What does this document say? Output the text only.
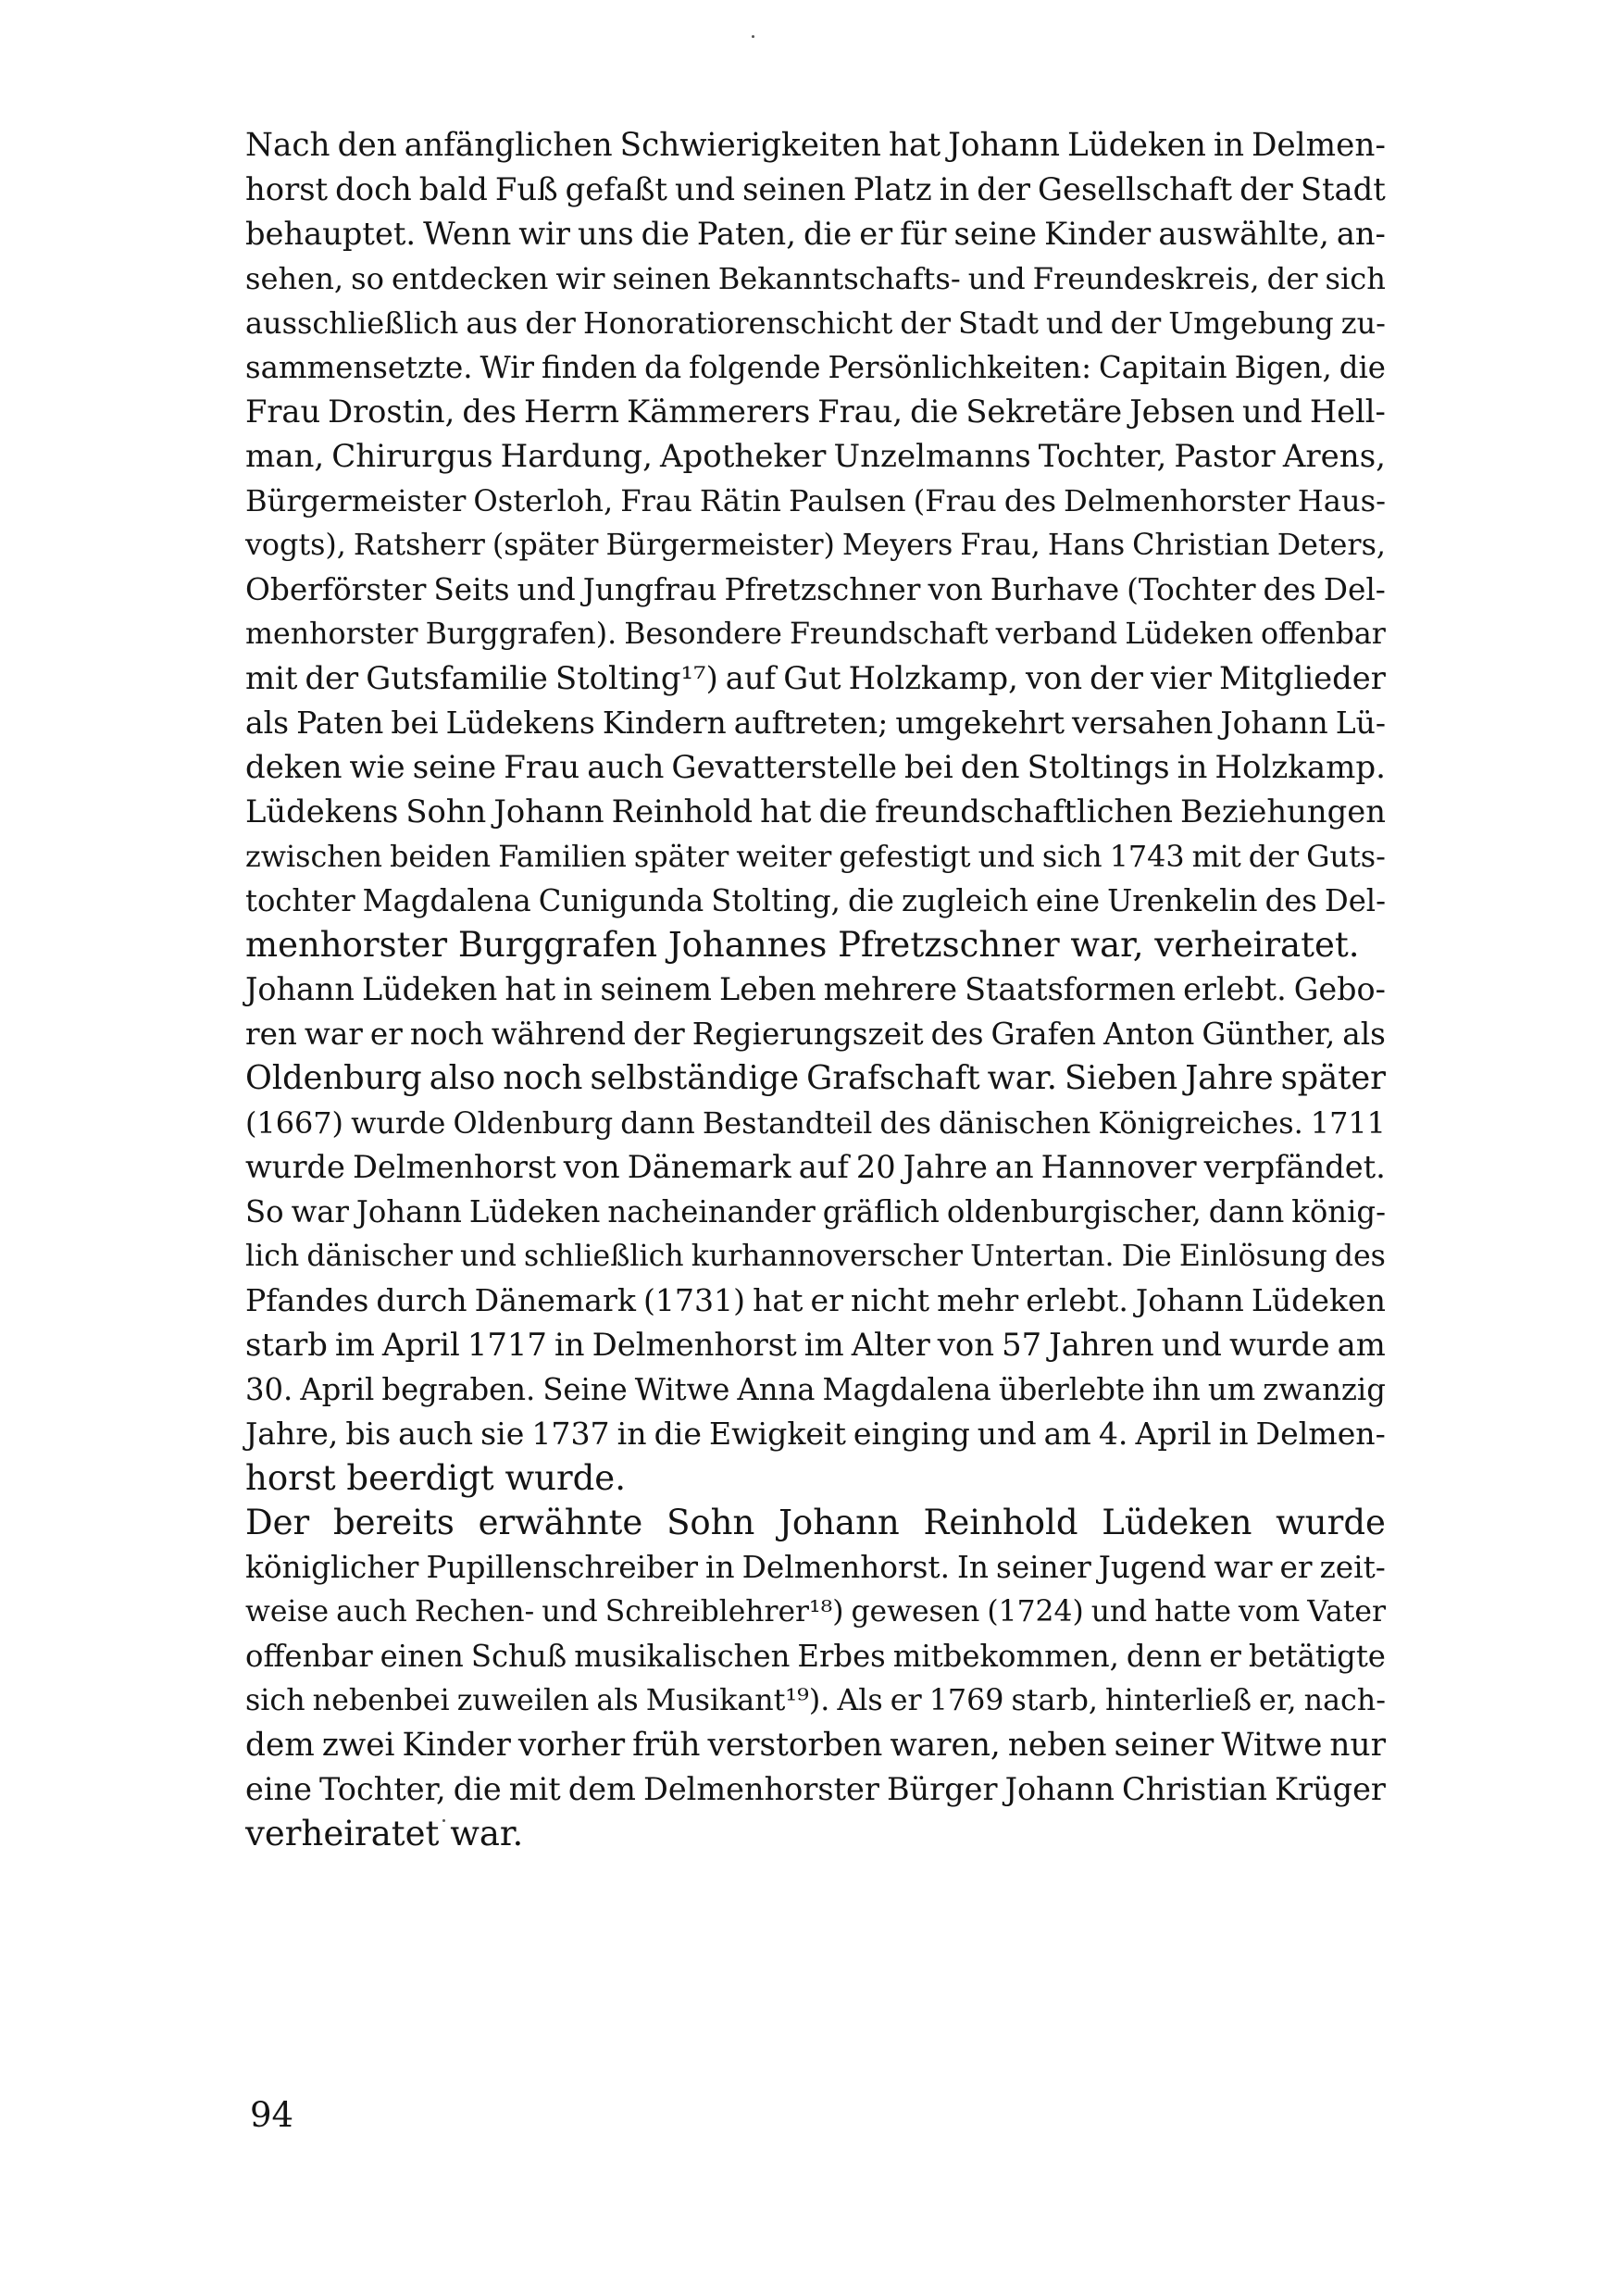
Nach den anfänglichen Schwierigkeiten hat Johann Lüdeken in Delmen-
horst doch bald Fuß gefaßt und seinen Platz in der Gesellschaft der Stadt
behauptet. Wenn wir uns die Paten, die er für seine Kinder auswählte, an-
sehen, so entdecken wir seinen Bekanntschafts- und Freundeskreis, der sich
ausschließlich aus der Honoratiorenschicht der Stadt und der Umgebung zu-
sammensetzte. Wir finden da folgende Persönlichkeiten: Capitain Bigen, die
Frau Drostin, des Herrn Kämmerers Frau, die Sekretäre Jebsen und Hell-
man, Chirurgus Hardung, Apotheker Unzelmanns Tochter, Pastor Arens,
Bürgermeister Osterloh, Frau Rätin Paulsen (Frau des Delmenhorster Haus-
vogts), Ratsherr (später Bürgermeister) Meyers Frau, Hans Christian Deters,
Oberförster Seits und Jungfrau Pfretzschner von Burhave (Tochter des Del-
menhorster Burggrafen). Besondere Freundschaft verband Lüdeken offenbar
mit der Gutsfamilie Stolting¹⁷) auf Gut Holzkamp, von der vier Mitglieder
als Paten bei Lüdekens Kindern auftreten; umgekehrt versahen Johann Lü-
deken wie seine Frau auch Gevatterstelle bei den Stoltings in Holzkamp.
Lüdekens Sohn Johann Reinhold hat die freundschaftlichen Beziehungen
zwischen beiden Familien später weiter gefestigt und sich 1743 mit der Guts-
tochter Magdalena Cunigunda Stolting, die zugleich eine Urenkelin des Del-
menhorster
Burggrafen
Johannes
Pfretzschner
war,
verheiratet.
Johann Lüdeken hat in seinem Leben mehrere Staatsformen erlebt. Gebo-
ren war er noch während der Regierungszeit des Grafen Anton Günther, als
Oldenburg also noch selbständige Grafschaft war. Sieben Jahre später
(1667) wurde Oldenburg dann Bestandteil des dänischen Königreiches. 1711
wurde Delmenhorst von Dänemark auf 20 Jahre an Hannover verpfändet.
So war Johann Lüdeken nacheinander gräflich oldenburgischer, dann könig-
lich dänischer und schließlich kurhannoverscher Untertan. Die Einlösung des
Pfandes durch Dänemark (1731) hat er nicht mehr erlebt. Johann Lüdeken
starb im April 1717 in Delmenhorst im Alter von 57 Jahren und wurde am
30. April begraben. Seine Witwe Anna Magdalena überlebte ihn um zwanzig
Jahre, bis auch sie 1737 in die Ewigkeit einging und am 4. April in Delmen-
horst
beerdigt
wurde.
Der bereits erwähnte Sohn Johann Reinhold Lüdeken wurde
königlicher Pupillenschreiber in Delmenhorst. In seiner Jugend war er zeit-
weise auch Rechen- und Schreiblehrer¹⁸) gewesen (1724) und hatte vom Vater
offenbar einen Schuß musikalischen Erbes mitbekommen, denn er betätigte
sich nebenbei zuweilen als Musikant¹⁹). Als er 1769 starb, hinterließ er, nach-
dem zwei Kinder vorher früh verstorben waren, neben seiner Witwe nur
eine Tochter, die mit dem Delmenhorster Bürger Johann Christian Krüger
verheiratet
war.
94
